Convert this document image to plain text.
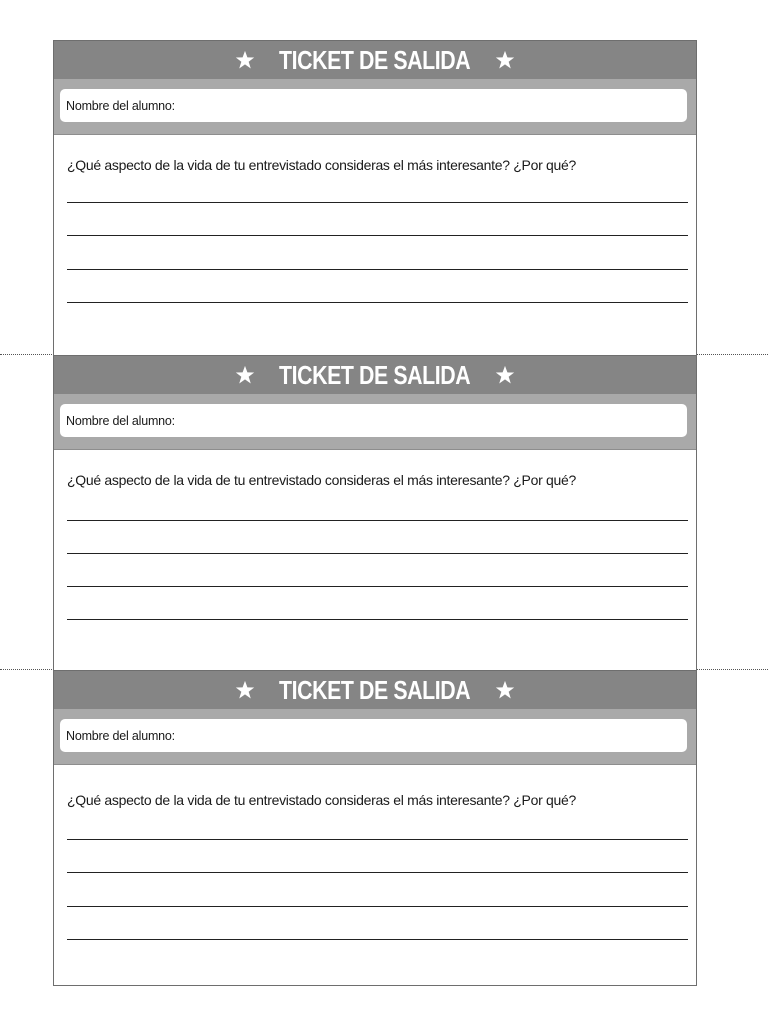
TICKET DE SALIDA
Nombre del alumno:
¿Qué aspecto de la vida de tu entrevistado consideras el más interesante? ¿Por qué?
TICKET DE SALIDA
Nombre del alumno:
¿Qué aspecto de la vida de tu entrevistado consideras el más interesante? ¿Por qué?
TICKET DE SALIDA
Nombre del alumno:
¿Qué aspecto de la vida de tu entrevistado consideras el más interesante? ¿Por qué?
